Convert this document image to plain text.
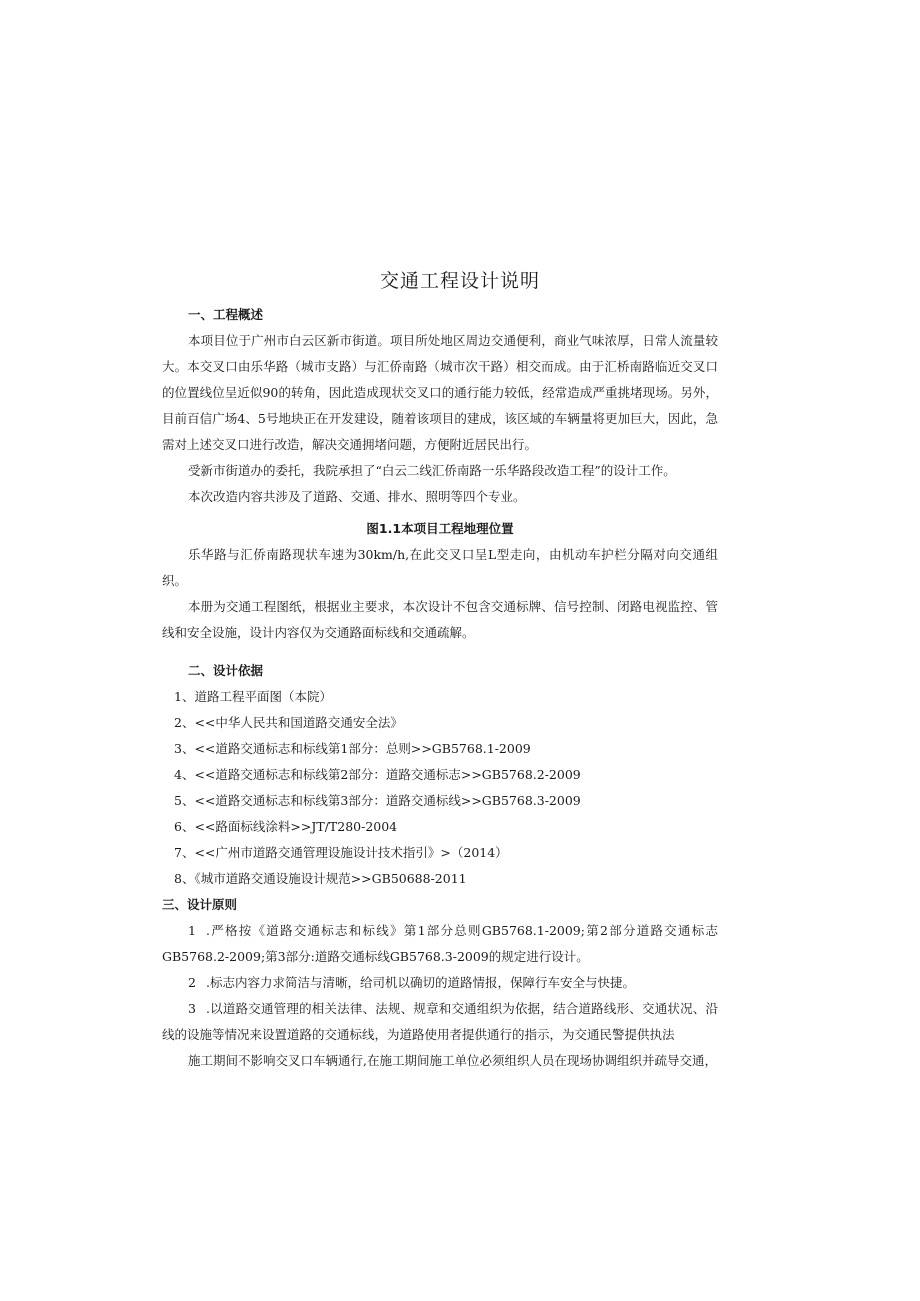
交通工程设计说明
一、工程概述
本项目位于广州市白云区新市街道。项目所处地区周边交通便利，商业气味浓厚，日常人流量较大。本交叉口由乐华路（城市支路）与汇侨南路（城市次干路）相交而成。由于汇桥南路临近交叉口的位置线位呈近似90的转角，因此造成现状交叉口的通行能力较低，经常造成严重挑堵现场。另外，目前百信广场4、5号地块正在开发建设，随着该项目的建成，该区域的车辆量将更加巨大，因此，急需对上述交叉口进行改造，解决交通拥堵问题，方便附近居民出行。
受新市街道办的委托，我院承担了“白云二线汇侨南路一乐华路段改造工程”的设计工作。
本次改造内容共涉及了道路、交通、排水、照明等四个专业。
图1.1本项目工程地理位置
乐华路与汇侨南路现状车速为30km∕h,在此交叉口呈L型走向，由机动车护栏分隔对向交通组织。
本册为交通工程图纸，根据业主要求，本次设计不包含交通标牌、信号控制、闭路电视监控、管线和安全设施，设计内容仅为交通路面标线和交通疏解。
二、设计依据
1、道路工程平面图（本院）
2、<<中华人民共和国道路交通安全法》
3、<<道路交通标志和标线第1部分：总则>>GB5768.1-2009
4、<<道路交通标志和标线第2部分：道路交通标志>>GB5768.2-2009
5、<<道路交通标志和标线第3部分：道路交通标线>>GB5768.3-2009
6、<<路面标线涂料>>JT/T280-2004
7、<<广州市道路交通管理设施设计技术指引》>（2014）
8、《城市道路交通设施设计规范>>GB50688-2011
三、设计原则
1 .严格按《道路交通标志和标线》第1部分总则GB5768.1-2009;第2部分道路交通标志GB5768.2-2009;第3部分:道路交通标线GB5768.3-2009的规定进行设计。
2 .标志内容力求简洁与清晰，给司机以确切的道路情报，保障行车安全与快捷。
3 .以道路交通管理的相关法律、法规、规章和交通组织为依据，结合道路线形、交通状况、沿线的设施等情况来设置道路的交通标线，为道路使用者提供通行的指示，为交通民警提供执法
施工期间不影响交叉口车辆通行,在施工期间施工单位必须组织人员在现场协调组织并疏导交通，
